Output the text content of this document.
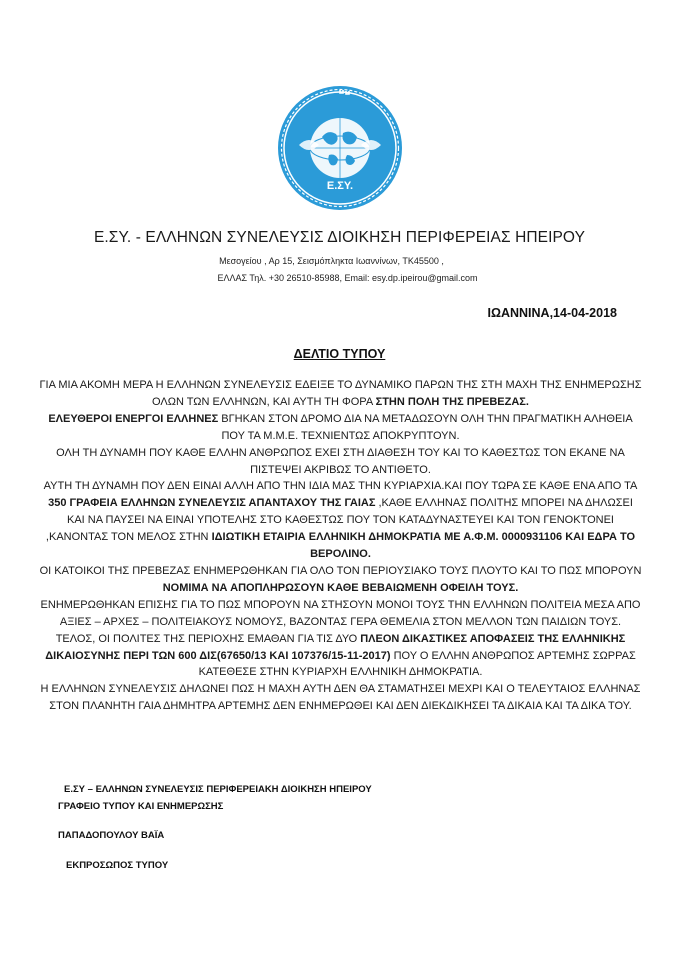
Ε.ΣΥ.
Ε.ΣΥ. - ΕΛΛΗΝΩΝ ΣΥΝΕΛΕΥΣΙΣ ΔΙΟΙΚΗΣΗ ΠΕΡΙΦΕΡΕΙΑΣ ΗΠΕΙΡΟΥ
Μεσογείου , Αρ 15, Σεισμόπληκτα Ιωαννίνων, ΤΚ45500 ,
ΕΛΛΑΣ Τηλ. +30 26510-85988, Εmail: esy.dp.ipeirou@gmail.com
ΙΩΑΝΝΙΝΑ,14-04-2018
ΔΕΛΤΙΟ ΤΥΠΟΥ

ΓΙΑ ΜΙΑ ΑΚΟΜΗ ΜΕΡΑ Η ΕΛΛΗΝΩΝ ΣΥΝΕΛΕΥΣΙΣ ΕΔΕΙΞΕ ΤΟ ΔΥΝΑΜΙΚΟ ΠΑΡΩΝ ΤΗΣ ΣΤΗ ΜΑΧΗ ΤΗΣ ΕΝΗΜΕΡΩΣΗΣ ΟΛΩΝ ΤΩΝ ΕΛΛΗΝΩΝ, ΚΑΙ ΑΥΤΗ ΤΗ ΦΟΡΑ ΣΤΗΝ ΠΟΛΗ ΤΗΣ ΠΡΕΒΕΖΑΣ.

ΕΛΕΥΘΕΡΟΙ ΕΝΕΡΓΟΙ ΕΛΛΗΝΕΣ ΒΓΗΚΑΝ ΣΤΟΝ ΔΡΟΜΟ ΔΙΑ ΝΑ ΜΕΤΑΔΩΣΟΥΝ ΟΛΗ ΤΗΝ ΠΡΑΓΜΑΤΙΚΗ ΑΛΗΘΕΙΑ ΠΟΥ ΤΑ Μ.Μ.Ε. ΤΕΧΝΙΕΝΤΩΣ ΑΠΟΚΡΥΠΤΟΥΝ.

ΟΛΗ ΤΗ ΔΥΝΑΜΗ ΠΟΥ ΚΑΘΕ ΕΛΛΗΝ ΑΝΘΡΩΠΟΣ ΕΧΕΙ ΣΤΗ ΔΙΑΘΕΣΗ ΤΟΥ ΚΑΙ ΤΟ ΚΑΘΕΣΤΩΣ ΤΟΝ ΕΚΑΝΕ ΝΑ ΠΙΣΤΕΨΕΙ ΑΚΡΙΒΩΣ ΤΟ ΑΝΤΙΘΕΤΟ.

ΑΥΤΗ ΤΗ ΔΥΝΑΜΗ ΠΟΥ ΔΕΝ ΕΙΝΑΙ ΑΛΛΗ ΑΠΟ ΤΗΝ ΙΔΙΑ ΜΑΣ ΤΗΝ ΚΥΡΙΑΡΧΙΑ.ΚΑΙ ΠΟΥ ΤΩΡΑ ΣΕ ΚΑΘΕ ΕΝΑ ΑΠΟ ΤΑ 350 ΓΡΑΦΕΙΑ ΕΛΛΗΝΩΝ ΣΥΝΕΛΕΥΣΙΣ ΑΠΑΝΤΑΧΟΥ ΤΗΣ ΓΑΙΑΣ ,ΚΑΘΕ ΕΛΛΗΝΑΣ ΠΟΛΙΤΗΣ ΜΠΟΡΕΙ ΝΑ ΔΗΛΩΣΕΙ ΚΑΙ ΝΑ ΠΑΥΣΕΙ ΝΑ ΕΙΝΑΙ ΥΠΟΤΕΛΗΣ ΣΤΟ ΚΑΘΕΣΤΩΣ ΠΟΥ ΤΟΝ ΚΑΤΑΔΥΝΑΣΤΕΥΕΙ ΚΑΙ ΤΟΝ ΓΕΝΟΚΤΟΝΕΙ ,ΚΑΝΟΝΤΑΣ ΤΟΝ ΜΕΛΟΣ ΣΤΗΝ ΙΔΙΩΤΙΚΗ ΕΤΑΙΡΙΑ ΕΛΛΗΝΙΚΗ ΔΗΜΟΚΡΑΤΙΑ ΜΕ Α.Φ.Μ. 0000931106 ΚΑΙ ΕΔΡΑ ΤΟ ΒΕΡΟΛΙΝΟ.

ΟΙ ΚΑΤΟΙΚΟΙ ΤΗΣ ΠΡΕΒΕΖΑΣ ΕΝΗΜΕΡΩΘΗΚΑΝ ΓΙΑ ΟΛΟ ΤΟΝ ΠΕΡΙΟΥΣΙΑΚΟ ΤΟΥΣ ΠΛΟΥΤΟ ΚΑΙ ΤΟ ΠΩΣ ΜΠΟΡΟΥΝ ΝΟΜΙΜΑ ΝΑ ΑΠΟΠΛΗΡΩΣΟΥΝ ΚΑΘΕ ΒΕΒΑΙΩΜΕΝΗ ΟΦΕΙΛΗ ΤΟΥΣ.

ΕΝΗΜΕΡΩΘΗΚΑΝ ΕΠΙΣΗΣ ΓΙΑ ΤΟ ΠΩΣ ΜΠΟΡΟΥΝ ΝΑ ΣΤΗΣΟΥΝ ΜΟΝΟΙ ΤΟΥΣ ΤΗΝ ΕΛΛΗΝΩΝ ΠΟΛΙΤΕΙΑ ΜΕΣΑ ΑΠΟ ΑΞΙΕΣ – ΑΡΧΕΣ – ΠΟΛΙΤΕΙΑΚΟΥΣ ΝΟΜΟΥΣ, ΒΑΖΟΝΤΑΣ ΓΕΡΑ ΘΕΜΕΛΙΑ ΣΤΟΝ ΜΕΛΛΟΝ ΤΩΝ ΠΑΙΔΙΩΝ ΤΟΥΣ.

ΤΕΛΟΣ, ΟΙ ΠΟΛΙΤΕΣ ΤΗΣ ΠΕΡΙΟΧΗΣ ΕΜΑΘΑΝ ΓΙΑ ΤΙΣ ΔΥΟ ΠΛΕΟΝ ΔΙΚΑΣΤΙΚΕΣ ΑΠΟΦΑΣΕΙΣ ΤΗΣ ΕΛΛΗΝΙΚΗΣ ΔΙΚΑΙΟΣΥΝΗΣ ΠΕΡΙ ΤΩΝ 600 ΔΙΣ(67650/13 ΚΑΙ 107376/15-11-2017) ΠΟΥ Ο ΕΛΛΗΝ ΑΝΘΡΩΠΟΣ ΑΡΤΕΜΗΣ ΣΩΡΡΑΣ ΚΑΤΕΘΕΣΕ ΣΤΗΝ ΚΥΡΙΑΡΧΗ ΕΛΛΗΝΙΚΗ ΔΗΜΟΚΡΑΤΙΑ.

Η ΕΛΛΗΝΩΝ ΣΥΝΕΛΕΥΣΙΣ ΔΗΛΩΝΕΙ ΠΩΣ Η ΜΑΧΗ ΑΥΤΗ ΔΕΝ ΘΑ ΣΤΑΜΑΤΗΣΕΙ ΜΕΧΡΙ ΚΑΙ Ο ΤΕΛΕΥΤΑΙΟΣ ΕΛΛΗΝΑΣ ΣΤΟΝ ΠΛΑΝΗΤΗ ΓΑΙΑ ΔΗΜΗΤΡΑ ΑΡΤΕΜΗΣ ΔΕΝ ΕΝΗΜΕΡΩΘΕΙ ΚΑΙ ΔΕΝ ΔΙΕΚΔΙΚΗΣΕΙ ΤΑ ΔΙΚΑΙΑ ΚΑΙ ΤΑ ΔΙΚΑ ΤΟΥ.

Ε.ΣΥ – ΕΛΛΗΝΩΝ ΣΥΝΕΛΕΥΣΙΣ ΠΕΡΙΦΕΡΕΙΑΚΗ ΔΙΟΙΚΗΣΗ ΗΠΕΙΡΟΥ
ΓΡΑΦΕΙΟ ΤΥΠΟΥ ΚΑΙ ΕΝΗΜΕΡΩΣΗΣ
ΠΑΠΑΔΟΠΟΥΛΟΥ ΒΑΪΑ
ΕΚΠΡΟΣΩΠΟΣ ΤΥΠΟΥ
